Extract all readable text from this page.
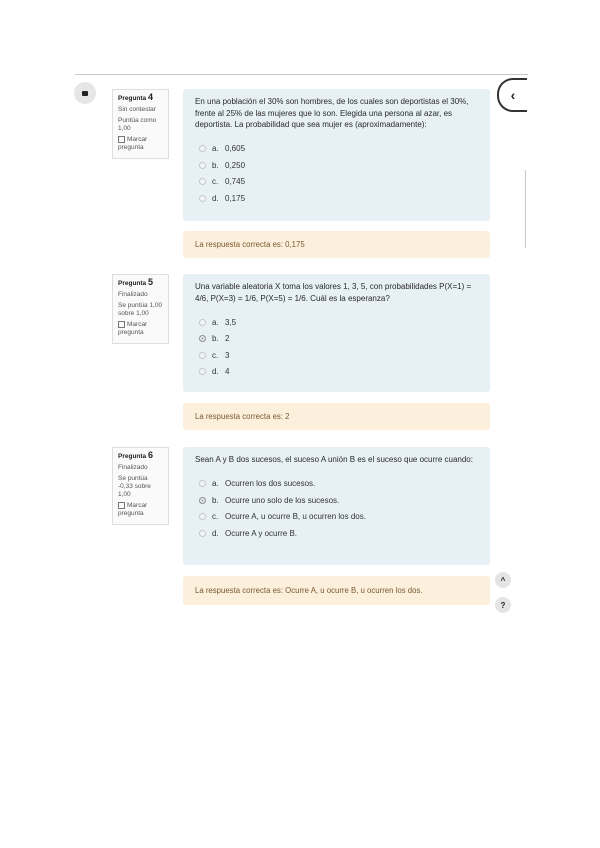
‹
Pregunta 4
Sin contestar
Puntúa como 1,00
Marcar pregunta
En una población el 30% son hombres, de los cuales son deportistas el 30%, frente al 25% de las mujeres que lo son. Elegida una persona al azar, es deportista. La probabilidad que sea mujer es (aproximadamente):
a. 0,605
b. 0,250
c. 0,745
d. 0,175
La respuesta correcta es: 0,175
Pregunta 5
Finalizado
Se puntúa 1,00 sobre 1,00
Marcar pregunta
Una variable aleatoria X toma los valores 1, 3, 5, con probabilidades P(X=1) = 4/6, P(X=3) = 1/6, P(X=5) = 1/6. Cuál es la esperanza?
a. 3,5
b. 2
c. 3
d. 4
La respuesta correcta es: 2
Pregunta 6
Finalizado
Se puntúa -0,33 sobre 1,00
Marcar pregunta
Sean A y B dos sucesos, el suceso A unión B es el suceso que ocurre cuando:
a. Ocurren los dos sucesos.
b. Ocurre uno solo de los sucesos.
c. Ocurre A, u ocurre B, u ocurren los dos.
d. Ocurre A y ocurre B.
La respuesta correcta es: Ocurre A, u ocurre B, u ocurren los dos.
^
?
